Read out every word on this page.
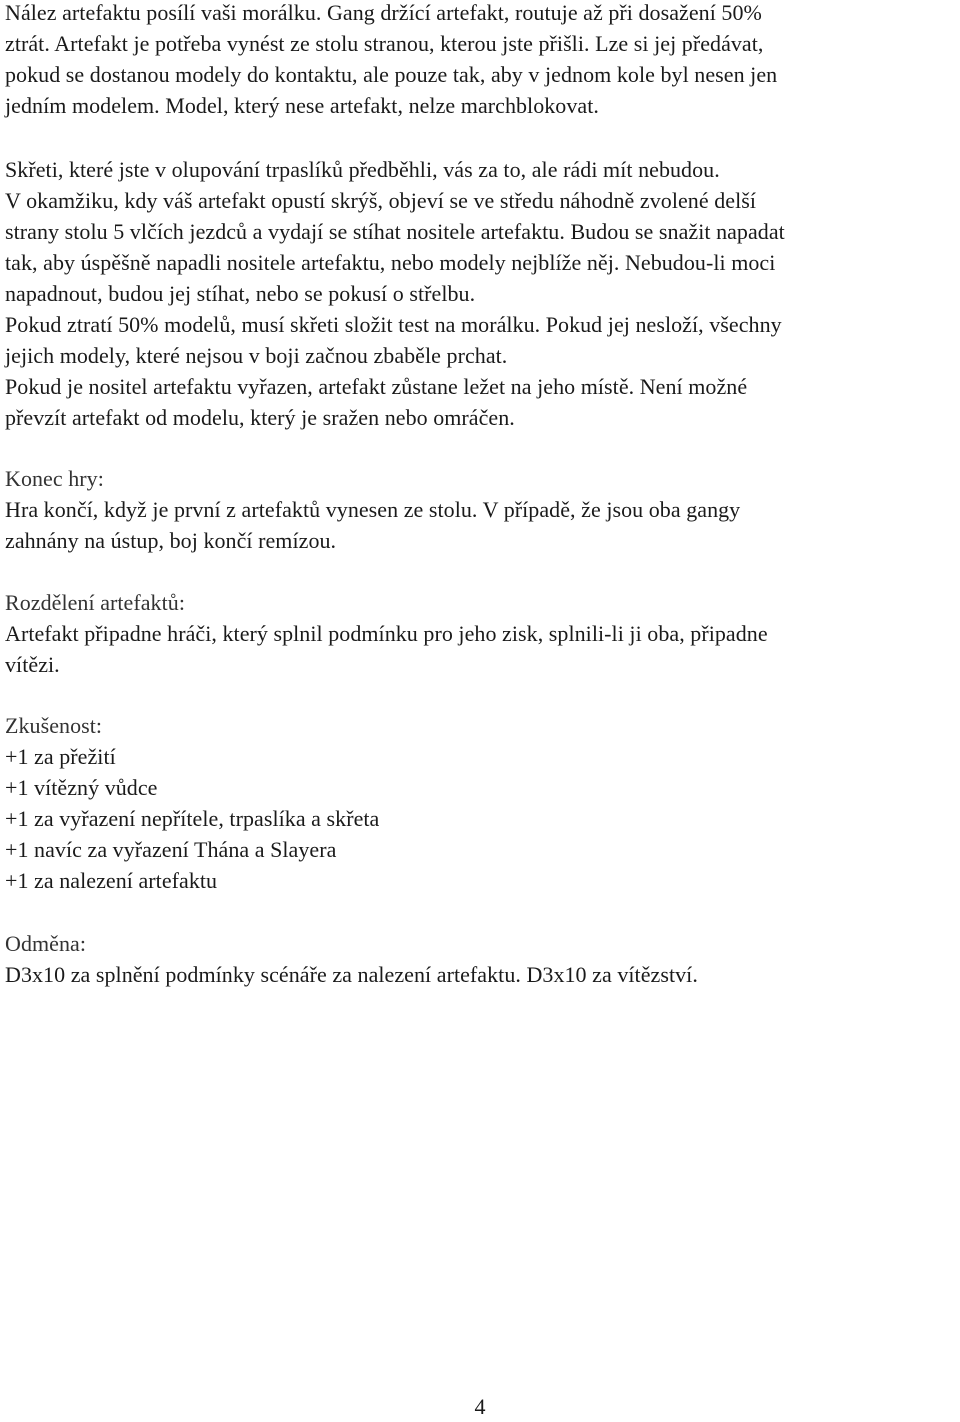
Nález artefaktu posílí vaši morálku. Gang držící artefakt, routuje až při dosažení 50%
ztrát. Artefakt je potřeba vynést ze stolu stranou, kterou jste přišli. Lze si jej předávat,
pokud se dostanou modely do kontaktu, ale pouze tak, aby v jednom kole byl nesen jen
jedním modelem. Model, který nese artefakt, nelze marchblokovat.
Skřeti, které jste v olupování trpaslíků předběhli, vás za to, ale rádi mít nebudou.
V okamžiku, kdy váš artefakt opustí skrýš, objeví se ve středu náhodně zvolené delší
strany stolu 5 vlčích jezdců a vydají se stíhat nositele artefaktu. Budou se snažit napadat
tak, aby úspěšně napadli nositele artefaktu, nebo modely nejblíže něj. Nebudou-li moci
napadnout, budou jej stíhat, nebo se pokusí o střelbu.
Pokud ztratí 50% modelů, musí skřeti složit test na morálku. Pokud jej nesloží, všechny
jejich modely, které nejsou v boji začnou zbaběle prchat.
Pokud je nositel artefaktu vyřazen, artefakt zůstane ležet na jeho místě. Není možné
převzít artefakt od modelu, který je sražen nebo omráčen.
Konec hry:
Hra končí, když je první z artefaktů vynesen ze stolu. V případě, že jsou oba gangy
zahnány na ústup, boj končí remízou.
Rozdělení artefaktů:
Artefakt připadne hráči, který splnil podmínku pro jeho zisk, splnili-li ji oba, připadne
vítězi.
Zkušenost:
+1 za přežití
+1 vítězný vůdce
+1 za vyřazení nepřítele, trpaslíka a skřeta
+1 navíc za vyřazení Thána a Slayera
+1 za nalezení artefaktu
Odměna:
D3x10 za splnění podmínky scénáře za nalezení artefaktu. D3x10 za vítězství.
4
